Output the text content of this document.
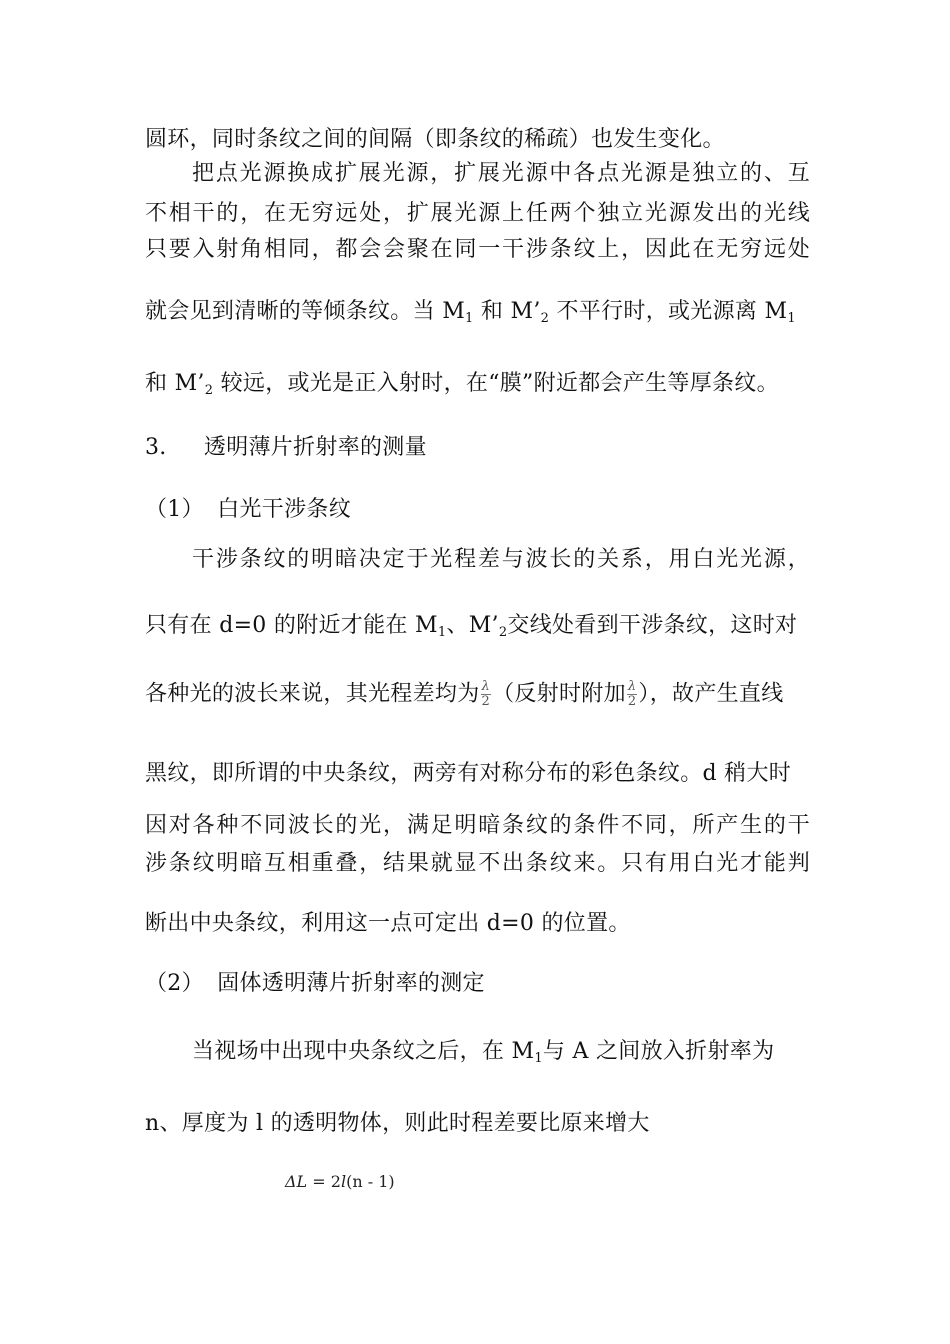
圆环，同时条纹之间的间隔（即条纹的稀疏）也发生变化。
把点光源换成扩展光源，扩展光源中各点光源是独立的、互
不相干的，在无穷远处，扩展光源上任两个独立光源发出的光线
只要入射角相同，都会会聚在同一干涉条纹上，因此在无穷远处
就会见到清晰的等倾条纹。当 $M_1$ 和 $M’_2$ 不平行时，或光源离 $M_1$
和 $M’_2$ 较远，或光是正入射时，在“膜”附近都会产生等厚条纹。
3. 透明薄片折射率的测量
（1） 白光干涉条纹
干涉条纹的明暗决定于光程差与波长的关系，用白光光源，
只有在 d=0 的附近才能在 $M_1$、$M’_2$交线处看到干涉条纹，这时对
各种光的波长来说，其光程差均为 $\frac{\lambda}{2}$ （反射时附加 $\frac{\lambda}{2}$ ），故产生直线
黑纹，即所谓的中央条纹，两旁有对称分布的彩色条纹。d 稍大时
因对各种不同波长的光，满足明暗条纹的条件不同，所产生的干
涉条纹明暗互相重叠，结果就显不出条纹来。只有用白光才能判
断出中央条纹，利用这一点可定出 d=0 的位置。
（2） 固体透明薄片折射率的测定
当视场中出现中央条纹之后，在 $M_1$与 A 之间放入折射率为
n、厚度为 l 的透明物体，则此时程差要比原来增大
ΔL = 2l(n - 1)
